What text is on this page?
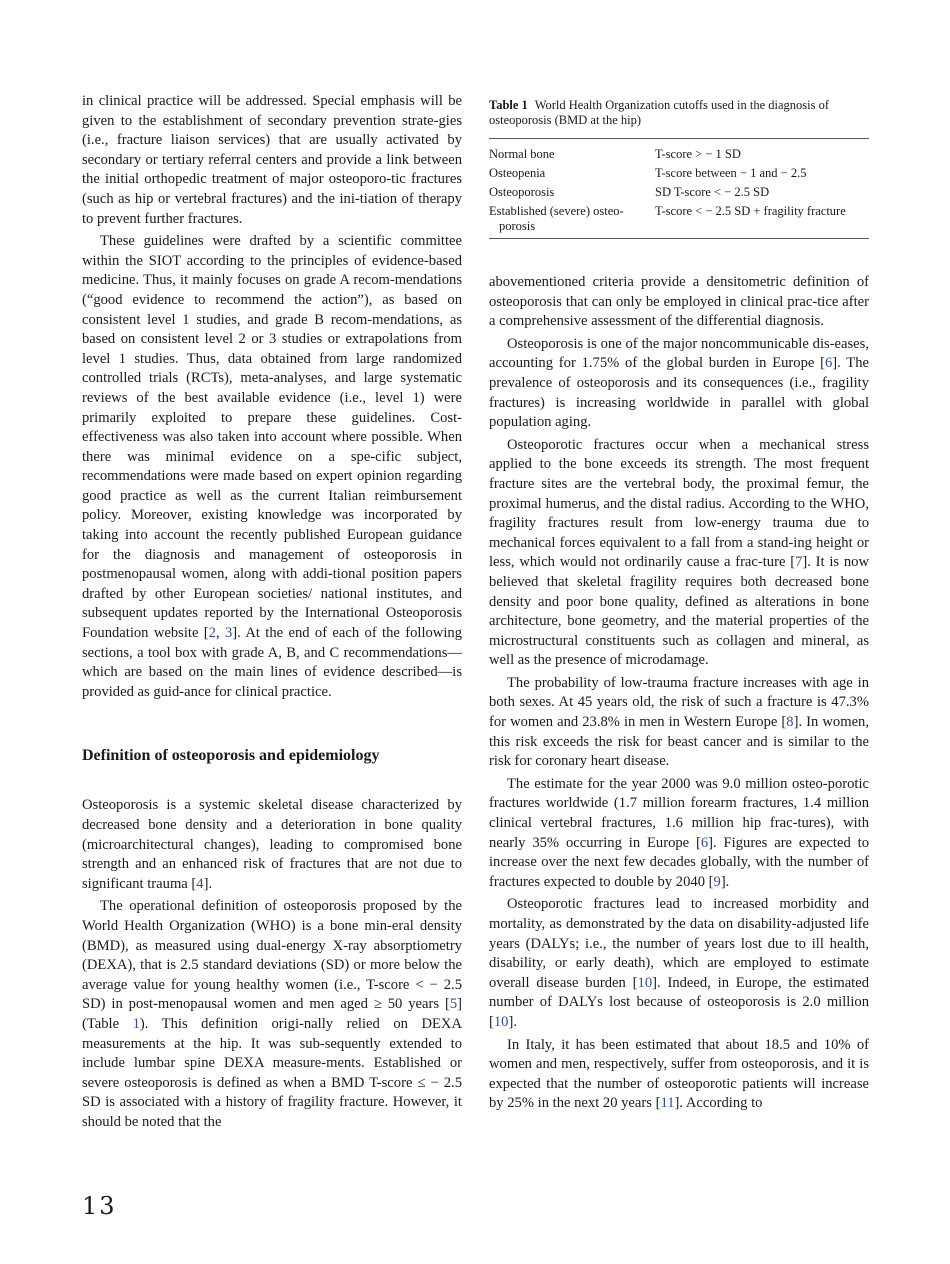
in clinical practice will be addressed. Special emphasis will be given to the establishment of secondary prevention strate-gies (i.e., fracture liaison services) that are usually activated by secondary or tertiary referral centers and provide a link between the initial orthopedic treatment of major osteoporo-tic fractures (such as hip or vertebral fractures) and the ini-tiation of therapy to prevent further fractures.

These guidelines were drafted by a scientific committee within the SIOT according to the principles of evidence-based medicine. Thus, it mainly focuses on grade A recom-mendations (“good evidence to recommend the action”), as based on consistent level 1 studies, and grade B recom-mendations, as based on consistent level 2 or 3 studies or extrapolations from level 1 studies. Thus, data obtained from large randomized controlled trials (RCTs), meta-analyses, and large systematic reviews of the best available evidence (i.e., level 1) were primarily exploited to prepare these guidelines. Cost-effectiveness was also taken into account where possible. When there was minimal evidence on a spe-cific subject, recommendations were made based on expert opinion regarding good practice as well as the current Italian reimbursement policy. Moreover, existing knowledge was incorporated by taking into account the recently published European guidance for the diagnosis and management of osteoporosis in postmenopausal women, along with addi-tional position papers drafted by other European societies/ national institutes, and subsequent updates reported by the International Osteoporosis Foundation website [2, 3]. At the end of each of the following sections, a tool box with grade A, B, and C recommendations—which are based on the main lines of evidence described—is provided as guid-ance for clinical practice.

Definition of osteoporosis and epidemiology

Osteoporosis is a systemic skeletal disease characterized by decreased bone density and a deterioration in bone quality (microarchitectural changes), leading to compromised bone strength and an enhanced risk of fractures that are not due to significant trauma [4].

The operational definition of osteoporosis proposed by the World Health Organization (WHO) is a bone min-eral density (BMD), as measured using dual-energy X-ray absorptiometry (DEXA), that is 2.5 standard deviations (SD) or more below the average value for young healthy women (i.e., T-score < − 2.5 SD) in post-menopausal women and men aged ≥ 50 years [5] (Table 1). This definition origi-nally relied on DEXA measurements at the hip. It was sub-sequently extended to include lumbar spine DEXA measure-ments. Established or severe osteoporosis is defined as when a BMD T-score ≤ − 2.5 SD is associated with a history of fragility fracture. However, it should be noted that the

Table 1 World Health Organization cutoffs used in the diagnosis of osteoporosis (BMD at the hip)
Normal bone	T-score > − 1 SD
Osteopenia	T-score between − 1 and − 2.5
Osteoporosis	SD T-score < − 2.5 SD
Established (severe) osteo-
porosis	T-score < − 2.5 SD + fragility fracture

abovementioned criteria provide a densitometric definition of osteoporosis that can only be employed in clinical prac-tice after a comprehensive assessment of the differential diagnosis.

Osteoporosis is one of the major noncommunicable dis-eases, accounting for 1.75% of the global burden in Europe [6]. The prevalence of osteoporosis and its consequences (i.e., fragility fractures) is increasing worldwide in parallel with global population aging.

Osteoporotic fractures occur when a mechanical stress applied to the bone exceeds its strength. The most frequent fracture sites are the vertebral body, the proximal femur, the proximal humerus, and the distal radius. According to the WHO, fragility fractures result from low-energy trauma due to mechanical forces equivalent to a fall from a stand-ing height or less, which would not ordinarily cause a frac-ture [7]. It is now believed that skeletal fragility requires both decreased bone density and poor bone quality, defined as alterations in bone architecture, bone geometry, and the material properties of the microstructural constituents such as collagen and mineral, as well as the presence of microdamage.

The probability of low-trauma fracture increases with age in both sexes. At 45 years old, the risk of such a fracture is 47.3% for women and 23.8% in men in Western Europe [8]. In women, this risk exceeds the risk for beast cancer and is similar to the risk for coronary heart disease.

The estimate for the year 2000 was 9.0 million osteo-porotic fractures worldwide (1.7 million forearm fractures, 1.4 million clinical vertebral fractures, 1.6 million hip frac-tures), with nearly 35% occurring in Europe [6]. Figures are expected to increase over the next few decades globally, with the number of fractures expected to double by 2040 [9].

Osteoporotic fractures lead to increased morbidity and mortality, as demonstrated by the data on disability-adjusted life years (DALYs; i.e., the number of years lost due to ill health, disability, or early death), which are employed to estimate overall disease burden [10]. Indeed, in Europe, the estimated number of DALYs lost because of osteoporosis is 2.0 million [10].

In Italy, it has been estimated that about 18.5 and 10% of women and men, respectively, suffer from osteoporosis, and it is expected that the number of osteoporotic patients will increase by 25% in the next 20 years [11]. According to

13
